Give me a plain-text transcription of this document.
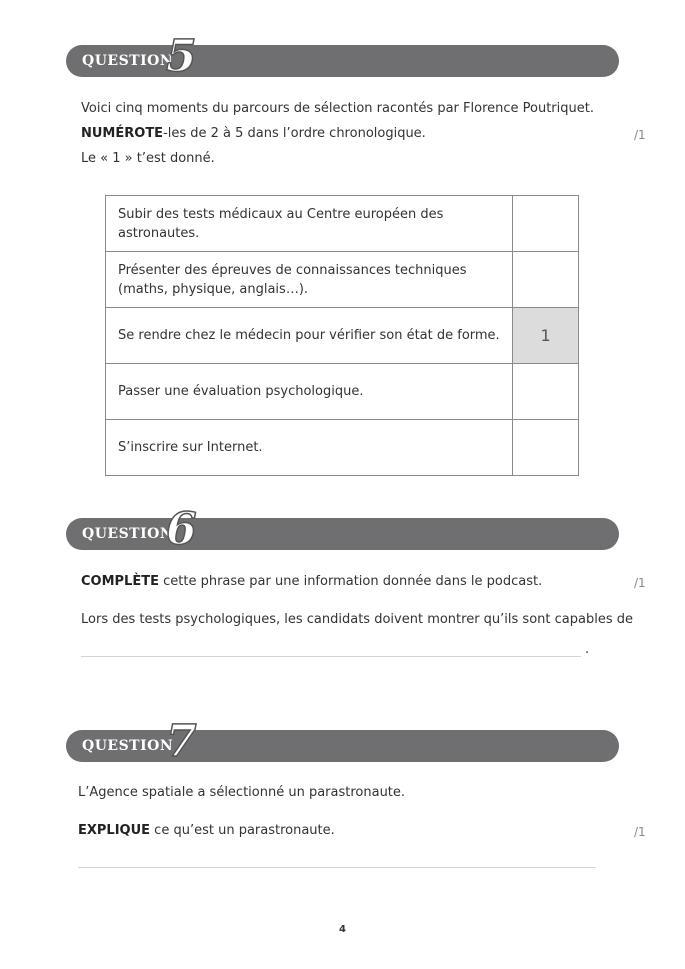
QUESTION
5
Voici cinq moments du parcours de sélection racontés par Florence Poutriquet.
NUMÉROTE-les de 2 à 5 dans l’ordre chronologique.	/1
Le « 1 » t’est donné.
Subir des tests médicaux au Centre européen des astronautes.	
Présenter des épreuves de connaissances techniques (maths, physique, anglais…).	
Se rendre chez le médecin pour vérifier son état de forme.	1
Passer une évaluation psychologique.	
S’inscrire sur Internet.	
QUESTION
6
COMPLÈTE cette phrase par une information donnée dans le podcast.	/1
Lors des tests psychologiques, les candidats doivent montrer qu’ils sont capables de
.
QUESTION
7
L’Agence spatiale a sélectionné un parastronaute.
EXPLIQUE ce qu’est un parastronaute.	/1
4
